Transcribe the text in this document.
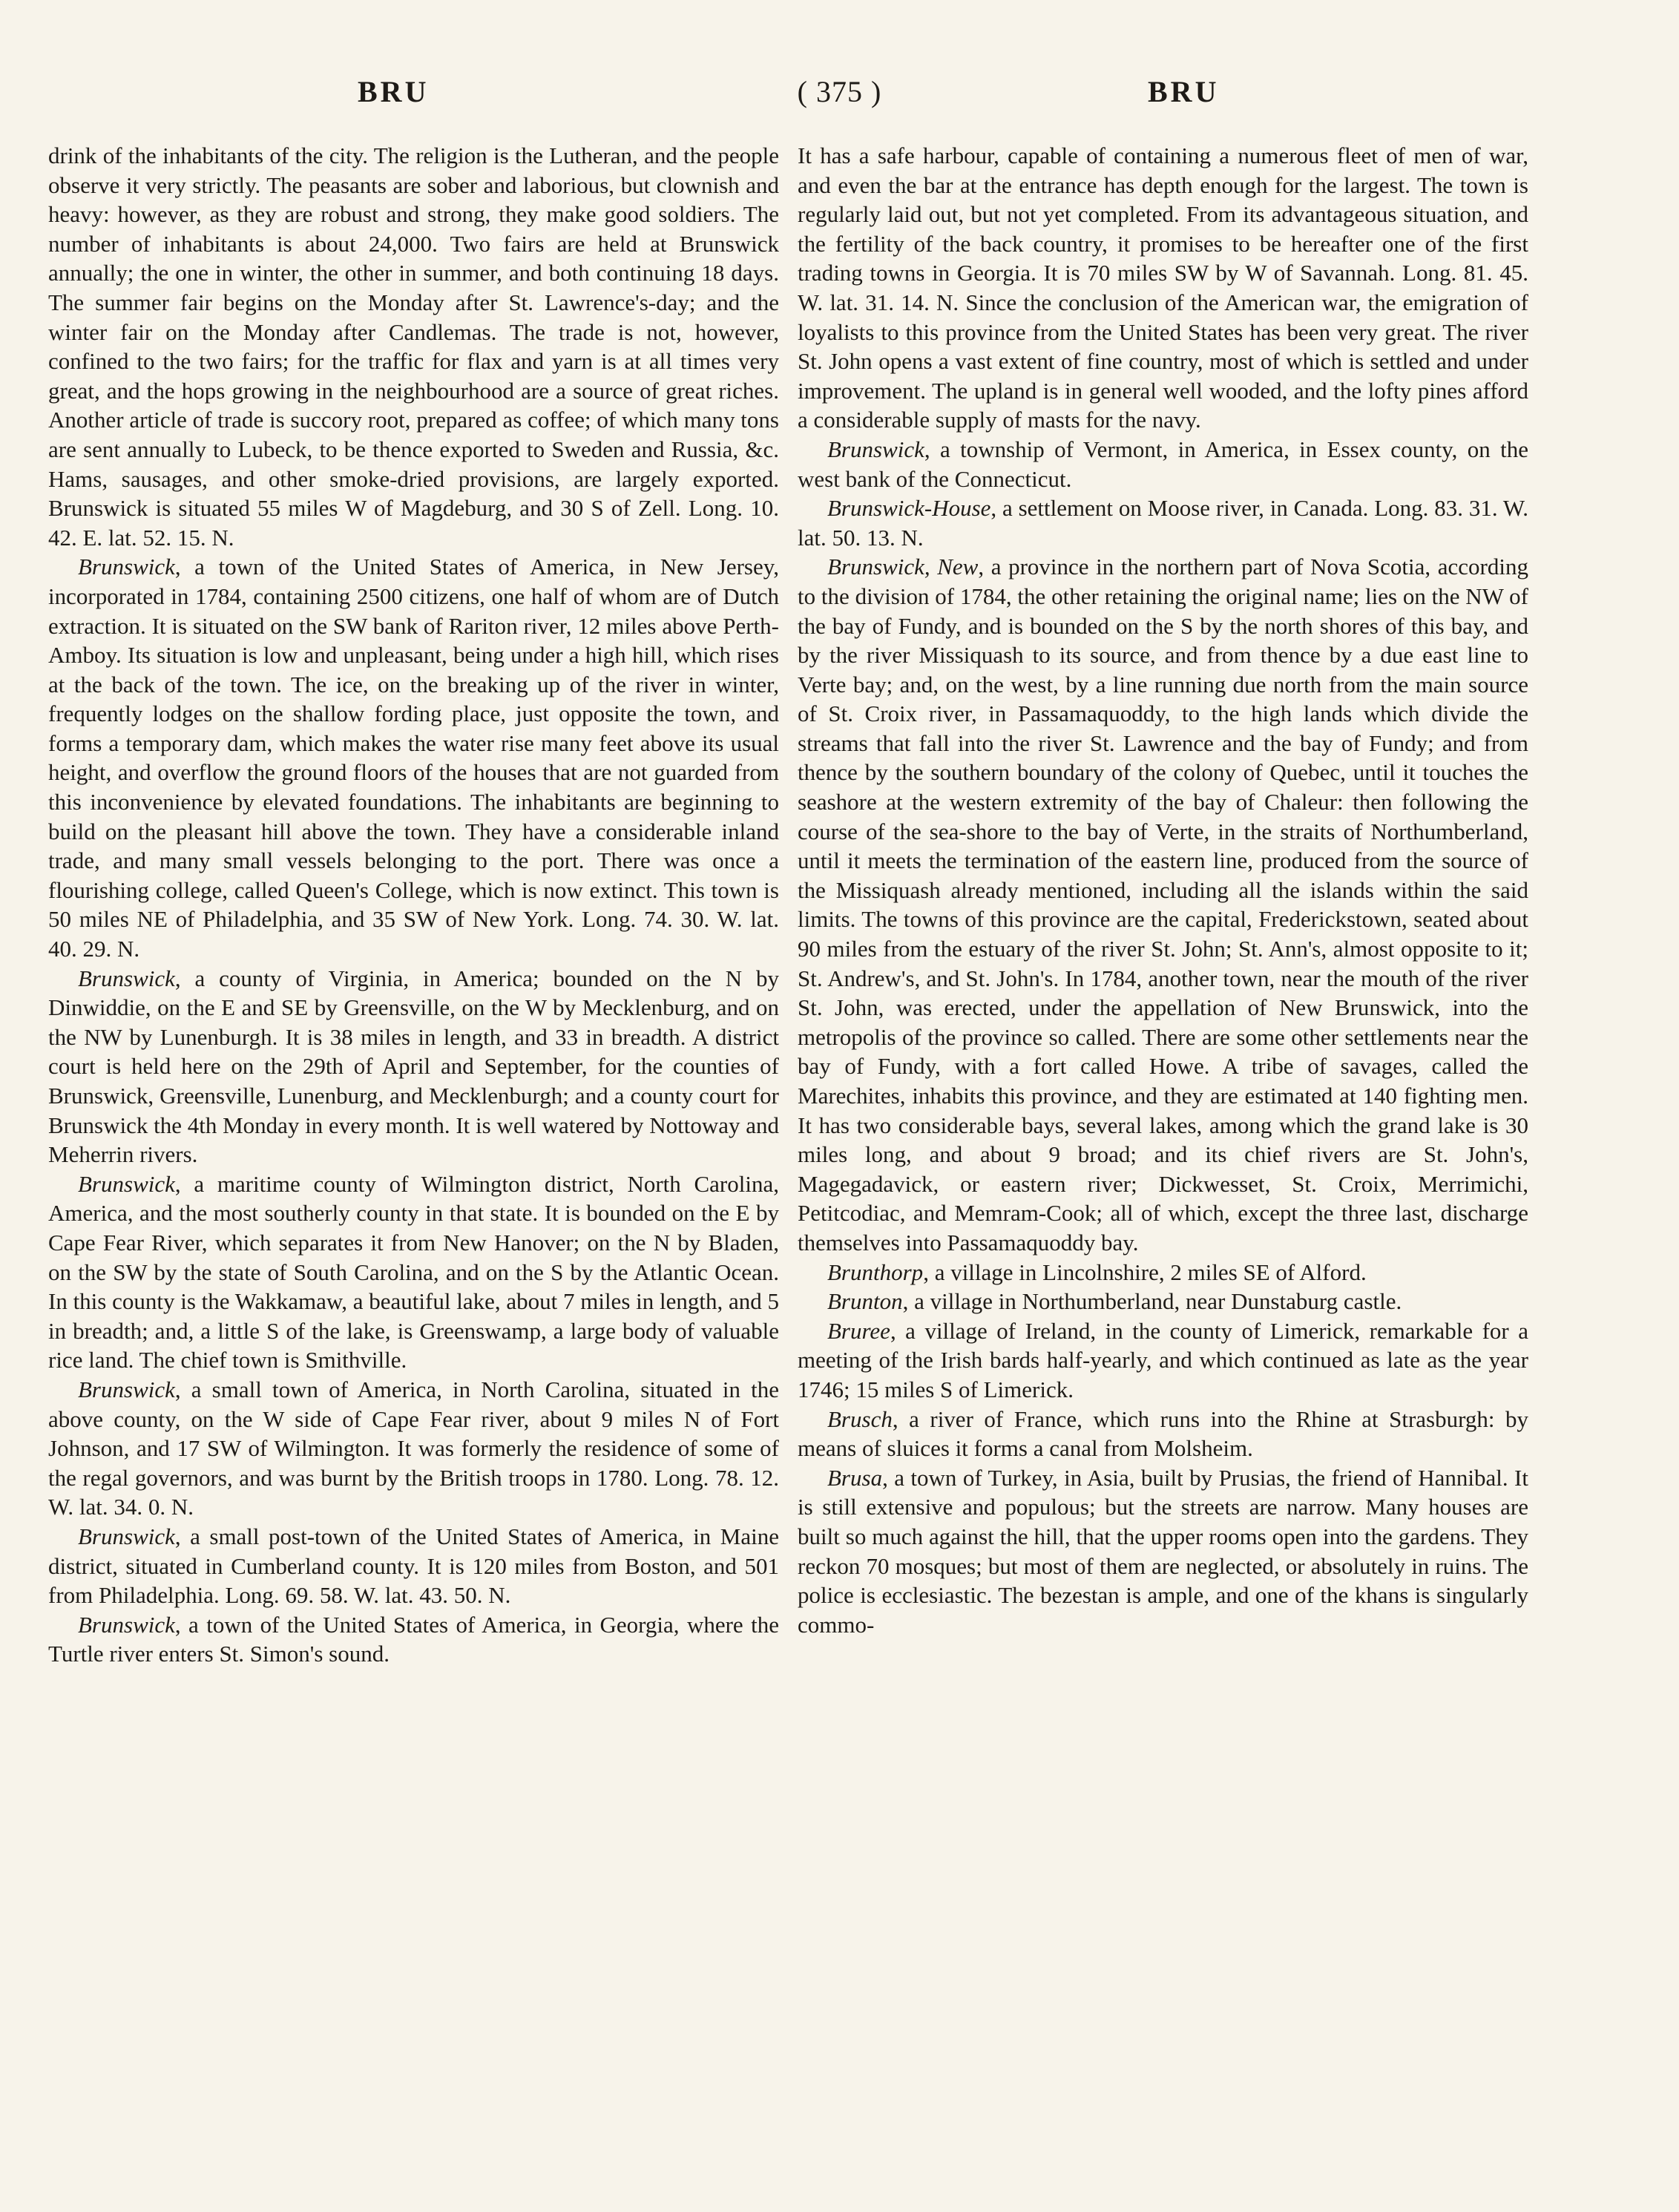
BRU	( 375 )	BRU

drink of the inhabitants of the city. The religion is the Lutheran, and the people observe it very strictly. The peasants are sober and laborious, but clownish and heavy: however, as they are robust and strong, they make good soldiers. The number of inhabitants is about 24,000. Two fairs are held at Brunswick annually; the one in winter, the other in summer, and both continuing 18 days. The summer fair begins on the Monday after St. Lawrence's-day; and the winter fair on the Monday after Candlemas. The trade is not, however, confined to the two fairs; for the traffic for flax and yarn is at all times very great, and the hops growing in the neighbourhood are a source of great riches. Another article of trade is succory root, prepared as coffee; of which many tons are sent annually to Lubeck, to be thence exported to Sweden and Russia, &c. Hams, sausages, and other smoke-dried provisions, are largely exported. Brunswick is situated 55 miles W of Magdeburg, and 30 S of Zell. Long. 10. 42. E. lat. 52. 15. N.

Brunswick, a town of the United States of America, in New Jersey, incorporated in 1784, containing 2500 citizens, one half of whom are of Dutch extraction. It is situated on the SW bank of Rariton river, 12 miles above Perth-Amboy. Its situation is low and unpleasant, being under a high hill, which rises at the back of the town. The ice, on the breaking up of the river in winter, frequently lodges on the shallow fording place, just opposite the town, and forms a temporary dam, which makes the water rise many feet above its usual height, and overflow the ground floors of the houses that are not guarded from this inconvenience by elevated foundations. The inhabitants are beginning to build on the pleasant hill above the town. They have a considerable inland trade, and many small vessels belonging to the port. There was once a flourishing college, called Queen's College, which is now extinct. This town is 50 miles NE of Philadelphia, and 35 SW of New York. Long. 74. 30. W. lat. 40. 29. N.

Brunswick, a county of Virginia, in America; bounded on the N by Dinwiddie, on the E and SE by Greensville, on the W by Mecklenburg, and on the NW by Lunenburgh. It is 38 miles in length, and 33 in breadth. A district court is held here on the 29th of April and September, for the counties of Brunswick, Greensville, Lunenburg, and Mecklenburgh; and a county court for Brunswick the 4th Monday in every month. It is well watered by Nottoway and Meherrin rivers.

Brunswick, a maritime county of Wilmington district, North Carolina, America, and the most southerly county in that state. It is bounded on the E by Cape Fear River, which separates it from New Hanover; on the N by Bladen, on the SW by the state of South Carolina, and on the S by the Atlantic Ocean. In this county is the Wakkamaw, a beautiful lake, about 7 miles in length, and 5 in breadth; and, a little S of the lake, is Greenswamp, a large body of valuable rice land. The chief town is Smithville.

Brunswick, a small town of America, in North Carolina, situated in the above county, on the W side of Cape Fear river, about 9 miles N of Fort Johnson, and 17 SW of Wilmington. It was formerly the residence of some of the regal governors, and was burnt by the British troops in 1780. Long. 78. 12. W. lat. 34. 0. N.

Brunswick, a small post-town of the United States of America, in Maine district, situated in Cumberland county. It is 120 miles from Boston, and 501 from Philadelphia. Long. 69. 58. W. lat. 43. 50. N.

Brunswick, a town of the United States of America, in Georgia, where the Turtle river enters St. Simon's sound.

It has a safe harbour, capable of containing a numerous fleet of men of war, and even the bar at the entrance has depth enough for the largest. The town is regularly laid out, but not yet completed. From its advantageous situation, and the fertility of the back country, it promises to be hereafter one of the first trading towns in Georgia. It is 70 miles SW by W of Savannah. Long. 81. 45. W. lat. 31. 14. N. Since the conclusion of the American war, the emigration of loyalists to this province from the United States has been very great. The river St. John opens a vast extent of fine country, most of which is settled and under improvement. The upland is in general well wooded, and the lofty pines afford a considerable supply of masts for the navy.

Brunswick, a township of Vermont, in America, in Essex county, on the west bank of the Connecticut.

Brunswick-House, a settlement on Moose river, in Canada. Long. 83. 31. W. lat. 50. 13. N.

Brunswick, New, a province in the northern part of Nova Scotia, according to the division of 1784, the other retaining the original name; lies on the NW of the bay of Fundy, and is bounded on the S by the north shores of this bay, and by the river Missiquash to its source, and from thence by a due east line to Verte bay; and, on the west, by a line running due north from the main source of St. Croix river, in Passamaquoddy, to the high lands which divide the streams that fall into the river St. Lawrence and the bay of Fundy; and from thence by the southern boundary of the colony of Quebec, until it touches the seashore at the western extremity of the bay of Chaleur: then following the course of the sea-shore to the bay of Verte, in the straits of Northumberland, until it meets the termination of the eastern line, produced from the source of the Missiquash already mentioned, including all the islands within the said limits. The towns of this province are the capital, Frederickstown, seated about 90 miles from the estuary of the river St. John; St. Ann's, almost opposite to it; St. Andrew's, and St. John's. In 1784, another town, near the mouth of the river St. John, was erected, under the appellation of New Brunswick, into the metropolis of the province so called. There are some other settlements near the bay of Fundy, with a fort called Howe. A tribe of savages, called the Marechites, inhabits this province, and they are estimated at 140 fighting men. It has two considerable bays, several lakes, among which the grand lake is 30 miles long, and about 9 broad; and its chief rivers are St. John's, Magegadavick, or eastern river; Dickwesset, St. Croix, Merrimichi, Petitcodiac, and Memram-Cook; all of which, except the three last, discharge themselves into Passamaquoddy bay.

Brunthorp, a village in Lincolnshire, 2 miles SE of Alford.

Brunton, a village in Northumberland, near Dunstaburg castle.

Bruree, a village of Ireland, in the county of Limerick, remarkable for a meeting of the Irish bards half-yearly, and which continued as late as the year 1746; 15 miles S of Limerick.

Brusch, a river of France, which runs into the Rhine at Strasburgh: by means of sluices it forms a canal from Molsheim.

Brusa, a town of Turkey, in Asia, built by Prusias, the friend of Hannibal. It is still extensive and populous; but the streets are narrow. Many houses are built so much against the hill, that the upper rooms open into the gardens. They reckon 70 mosques; but most of them are neglected, or absolutely in ruins. The police is ecclesiastic. The bezestan is ample, and one of the khans is singularly commo-
